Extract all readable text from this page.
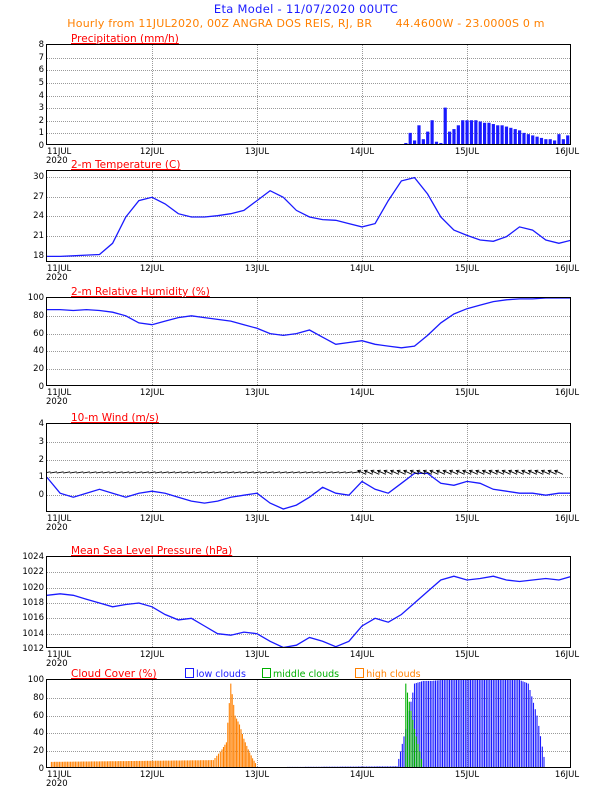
Eta Model - 11/07/2020 00UTC
Hourly from 11JUL2020, 00Z ANGRA DOS REIS, RJ, BR 44.4600W - 23.0000S 0 m
Precipitation (mm/h)
8
7
6
5
4
3
2
1
0
11JUL	12JUL	13JUL	14JUL	15JUL	16JUL
2020 2-m Temperature (C)
30
27
24
21
18
11JUL	12JUL	13JUL	14JUL	15JUL	16JUL
2020
2-m Relative Humidity (%)
100
80
60
40
20
0
11JUL	12JUL	13JUL	14JUL	15JUL	16JUL
2020
10-m Wind (m/s)
4
3
2
1
0
11JUL	12JUL	13JUL	14JUL	15JUL	16JUL
2020
Mean Sea Level Pressure (hPa)
1024
1022
1020
1018
1016
1014
1012
11JUL	12JUL	13JUL	14JUL	15JUL	16JUL
2020
Cloud Cover (%)	low clouds	middle clouds	high clouds
100
80
60
40
20
0
11JUL	12JUL	13JUL	14JUL	15JUL	16JUL
2020
